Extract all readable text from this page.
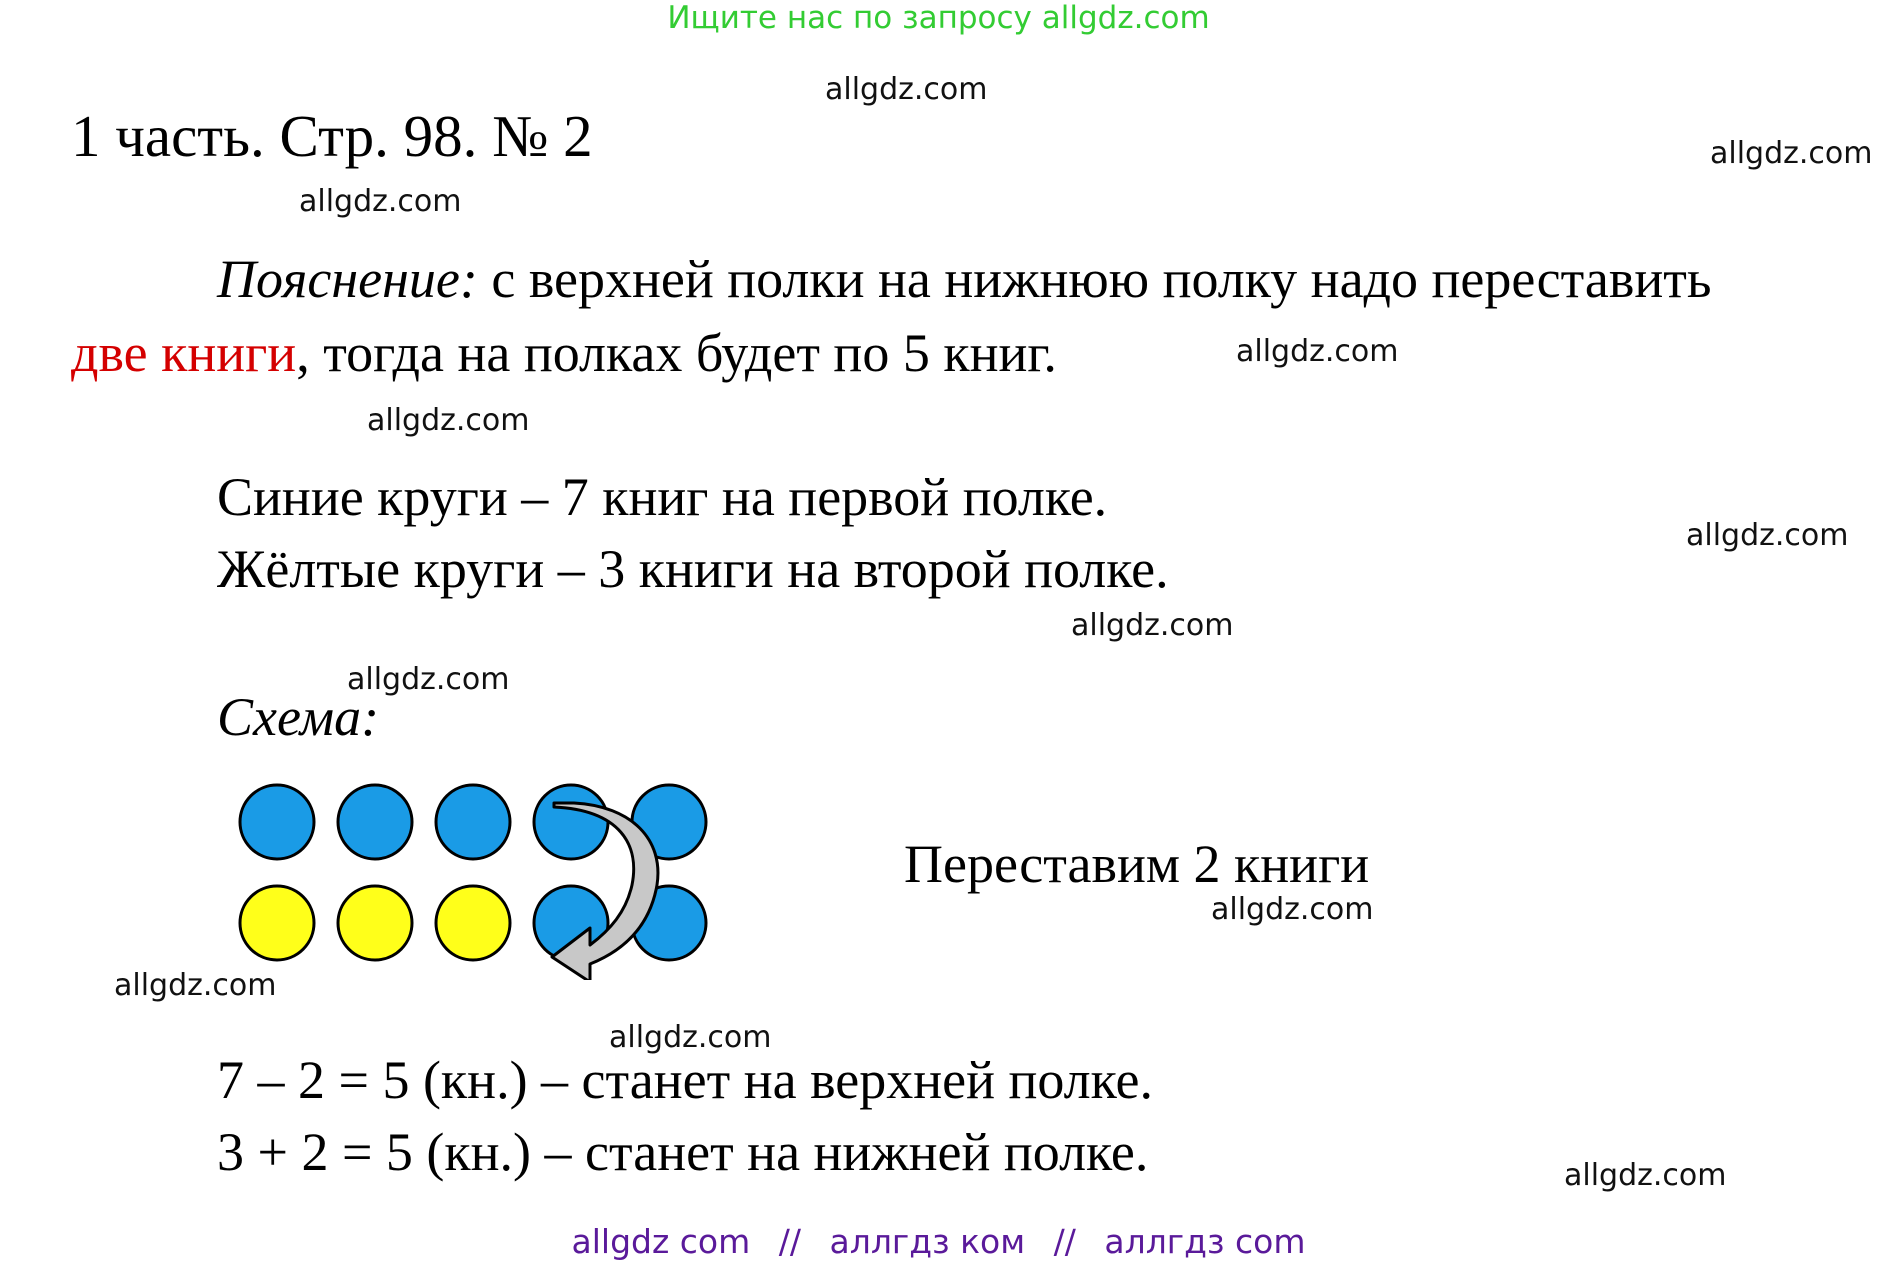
Ищите нас по запросу allgdz.com
1 часть. Стр. 98. № 2
Пояснение: с верхней полки на нижнюю полку надо переставить
две книги, тогда на полках будет по 5 книг.
Синие круги – 7 книг на первой полке.
Жёлтые круги – 3 книги на второй полке.
Схема:
Переставим 2 книги
7 – 2 = 5 (кн.) – станет на верхней полке.
3 + 2 = 5 (кн.) – станет на нижней полке.
allgdz.com
allgdz.com
allgdz.com
allgdz.com
allgdz.com
allgdz.com
allgdz.com
allgdz.com
allgdz.com
allgdz.com
allgdz.com
allgdz.com
allgdz com // аллгдз ком // аллгдз com
